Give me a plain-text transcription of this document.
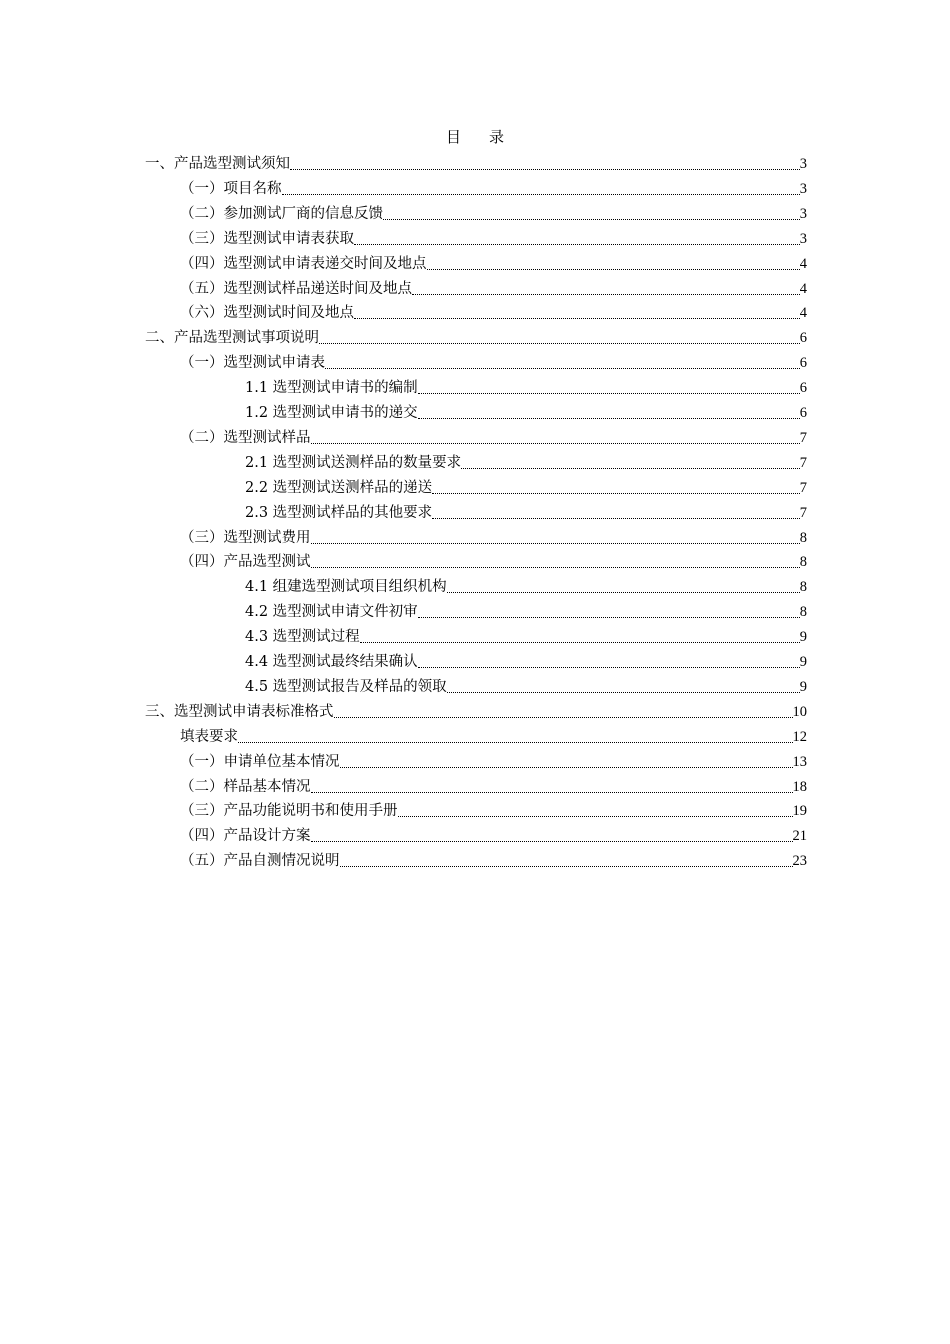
目 录
一、产品选型测试须知	3
（一）项目名称	3
（二）参加测试厂商的信息反馈	3
（三）选型测试申请表获取	3
（四）选型测试申请表递交时间及地点	4
（五）选型测试样品递送时间及地点	4
（六）选型测试时间及地点	4
二、产品选型测试事项说明	6
（一）选型测试申请表	6
1.1 选型测试申请书的编制	6
1.2 选型测试申请书的递交	6
（二）选型测试样品	7
2.1 选型测试送测样品的数量要求	7
2.2 选型测试送测样品的递送	7
2.3 选型测试样品的其他要求	7
（三）选型测试费用	8
（四）产品选型测试	8
4.1 组建选型测试项目组织机构	8
4.2 选型测试申请文件初审	8
4.3 选型测试过程	9
4.4 选型测试最终结果确认	9
4.5 选型测试报告及样品的领取	9
三、选型测试申请表标准格式	10
填表要求	12
（一）申请单位基本情况	13
（二）样品基本情况	18
（三）产品功能说明书和使用手册	19
（四）产品设计方案	21
（五）产品自测情况说明	23
